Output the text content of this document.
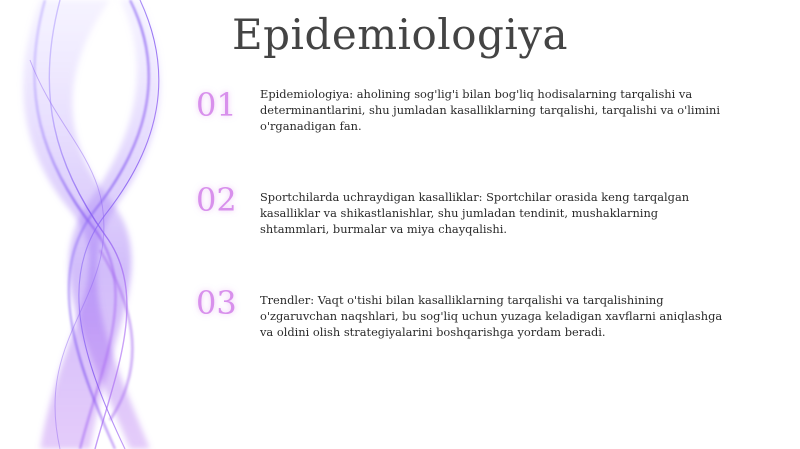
Epidemiologiya
01	Epidemiologiya: aholining sog'lig'i bilan bog'liq hodisalarning tarqalishi va determinantlarini, shu jumladan kasalliklarning tarqalishi, tarqalishi va o'limini o'rganadigan fan.
02	Sportchilarda uchraydigan kasalliklar: Sportchilar orasida keng tarqalgan kasalliklar va shikastlanishlar, shu jumladan tendinit, mushaklarning shtammlari, burmalar va miya chayqalishi.
03	Trendler: Vaqt o'tishi bilan kasalliklarning tarqalishi va tarqalishining o'zgaruvchan naqshlari, bu sog'liq uchun yuzaga keladigan xavflarni aniqlashga va oldini olish strategiyalarini boshqarishga yordam beradi.
